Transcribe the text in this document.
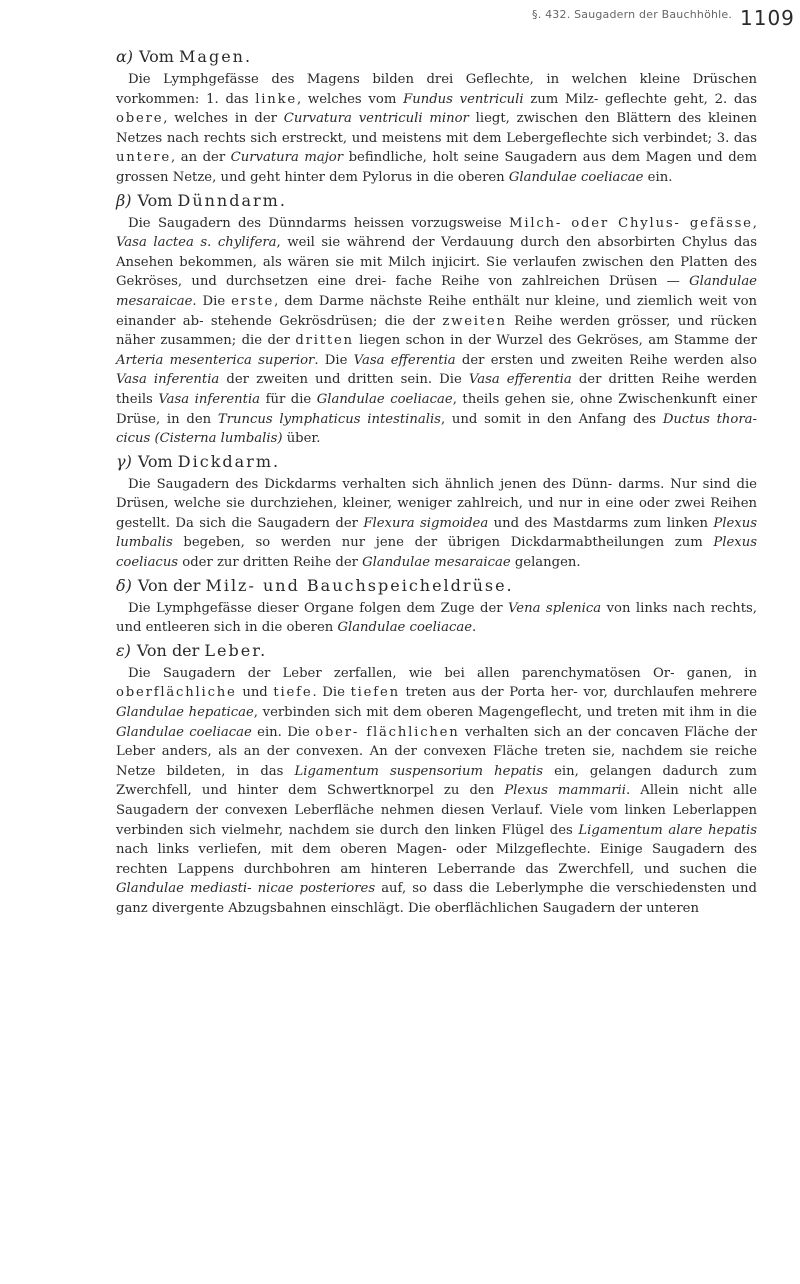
§. 432. Saugadern der Bauchhöhle. 1109
α) Vom Magen.

Die Lymphgefässe des Magens bilden drei Geflechte, in welchen kleine Drüschen vorkommen: 1. das linke, welches vom Fundus ventriculi zum Milz- geflechte geht, 2. das obere, welches in der Curvatura ventriculi minor liegt, zwischen den Blättern des kleinen Netzes nach rechts sich erstreckt, und meistens mit dem Lebergeflechte sich verbindet; 3. das untere, an der Curvatura major befindliche, holt seine Saugadern aus dem Magen und dem grossen Netze, und geht hinter dem Pylorus in die oberen Glandulae coeliacae ein.

β) Vom Dünndarm.

Die Saugadern des Dünndarms heissen vorzugsweise Milch- oder Chylus- gefässe, Vasa lactea s. chylifera, weil sie während der Verdauung durch den absorbirten Chylus das Ansehen bekommen, als wären sie mit Milch injicirt. Sie verlaufen zwischen den Platten des Gekröses, und durchsetzen eine drei- fache Reihe von zahlreichen Drüsen — Glandulae mesaraicae. Die erste, dem Darme nächste Reihe enthält nur kleine, und ziemlich weit von einander ab- stehende Gekrösdrüsen; die der zweiten Reihe werden grösser, und rücken näher zusammen; die der dritten liegen schon in der Wurzel des Gekröses, am Stamme der Arteria mesenterica superior. Die Vasa efferentia der ersten und zweiten Reihe werden also Vasa inferentia der zweiten und dritten sein. Die Vasa efferentia der dritten Reihe werden theils Vasa inferentia für die Glandulae coeliacae, theils gehen sie, ohne Zwischenkunft einer Drüse, in den Truncus lymphaticus intestinalis, und somit in den Anfang des Ductus thora- cicus (Cisterna lumbalis) über.

γ) Vom Dickdarm.

Die Saugadern des Dickdarms verhalten sich ähnlich jenen des Dünn- darms. Nur sind die Drüsen, welche sie durchziehen, kleiner, weniger zahlreich, und nur in eine oder zwei Reihen gestellt. Da sich die Saugadern der Flexura sigmoidea und des Mastdarms zum linken Plexus lumbalis begeben, so werden nur jene der übrigen Dickdarmabtheilungen zum Plexus coeliacus oder zur dritten Reihe der Glandulae mesaraicae gelangen.

δ) Von der Milz- und Bauchspeicheldrüse.

Die Lymphgefässe dieser Organe folgen dem Zuge der Vena splenica von links nach rechts, und entleeren sich in die oberen Glandulae coeliacae.

ε) Von der Leber.

Die Saugadern der Leber zerfallen, wie bei allen parenchymatösen Or- ganen, in oberflächliche und tiefe. Die tiefen treten aus der Porta her- vor, durchlaufen mehrere Glandulae hepaticae, verbinden sich mit dem oberen Magengeflecht, und treten mit ihm in die Glandulae coeliacae ein. Die ober- flächlichen verhalten sich an der concaven Fläche der Leber anders, als an der convexen. An der convexen Fläche treten sie, nachdem sie reiche Netze bildeten, in das Ligamentum suspensorium hepatis ein, gelangen dadurch zum Zwerchfell, und hinter dem Schwertknorpel zu den Plexus mammarii. Allein nicht alle Saugadern der convexen Leberfläche nehmen diesen Verlauf. Viele vom linken Leberlappen verbinden sich vielmehr, nachdem sie durch den linken Flügel des Ligamentum alare hepatis nach links verliefen, mit dem oberen Magen- oder Milzgeflechte. Einige Saugadern des rechten Lappens durchbohren am hinteren Leberrande das Zwerchfell, und suchen die Glandulae mediasti- nicae posteriores auf, so dass die Leberlymphe die verschiedensten und ganz divergente Abzugsbahnen einschlägt. Die oberflächlichen Saugadern der unteren
